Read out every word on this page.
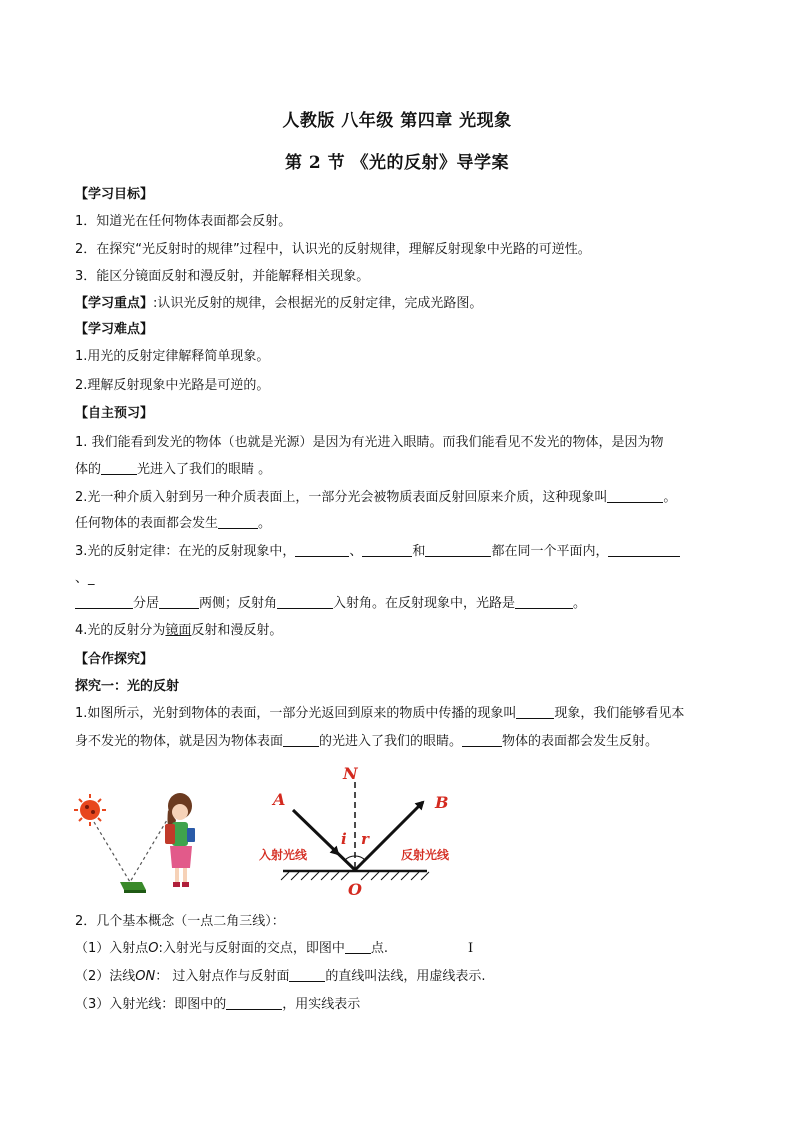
人教版 八年级 第四章 光现象
第 2 节 《光的反射》导学案
【学习目标】
1．知道光在任何物体表面都会反射。
2．在探究“光反射时的规律”过程中，认识光的反射规律，理解反射现象中光路的可逆性。
3．能区分镜面反射和漫反射，并能解释相关现象。
【学习重点】:认识光反射的规律，会根据光的反射定律，完成光路图。
【学习难点】
1.用光的反射定律解释简单现象。
2.理解反射现象中光路是可逆的。
【自主预习】
1. 我们能看到发光的物体（也就是光源）是因为有光进入眼睛。而我们能看见不发光的物体，是因为物
体的	光进入了我们的眼睛 。
2.光一种介质入射到另一种介质表面上，一部分光会被物质表面反射回原来介质，这种现象叫	。
任何物体的表面都会发生	。
3.光的反射定律：在光的反射现象中，	、	和	都在同一个平面内，
、_
分居	两侧；反射角	入射角。在反射现象中，光路是	。
4.光的反射分为镜面反射和漫反射。
【合作探究】
探究一：光的反射
1.如图所示，光射到物体的表面，一部分光返回到原来的物质中传播的现象叫	现象，我们能够看见本
身不发光的物体，就是因为物体表面	的光进入了我们的眼睛。	物体的表面都会发生反射。
N
A	B
O
i r
入射光线	反射光线
2．几个基本概念（一点二角三线）：
（1）入射点O:入射光与反射面的交点，即图中 点.	I
（2）法线ON： 过入射点作与反射面	的直线叫法线，用虚线表示.
（3）入射光线：即图中的	，用实线表示
